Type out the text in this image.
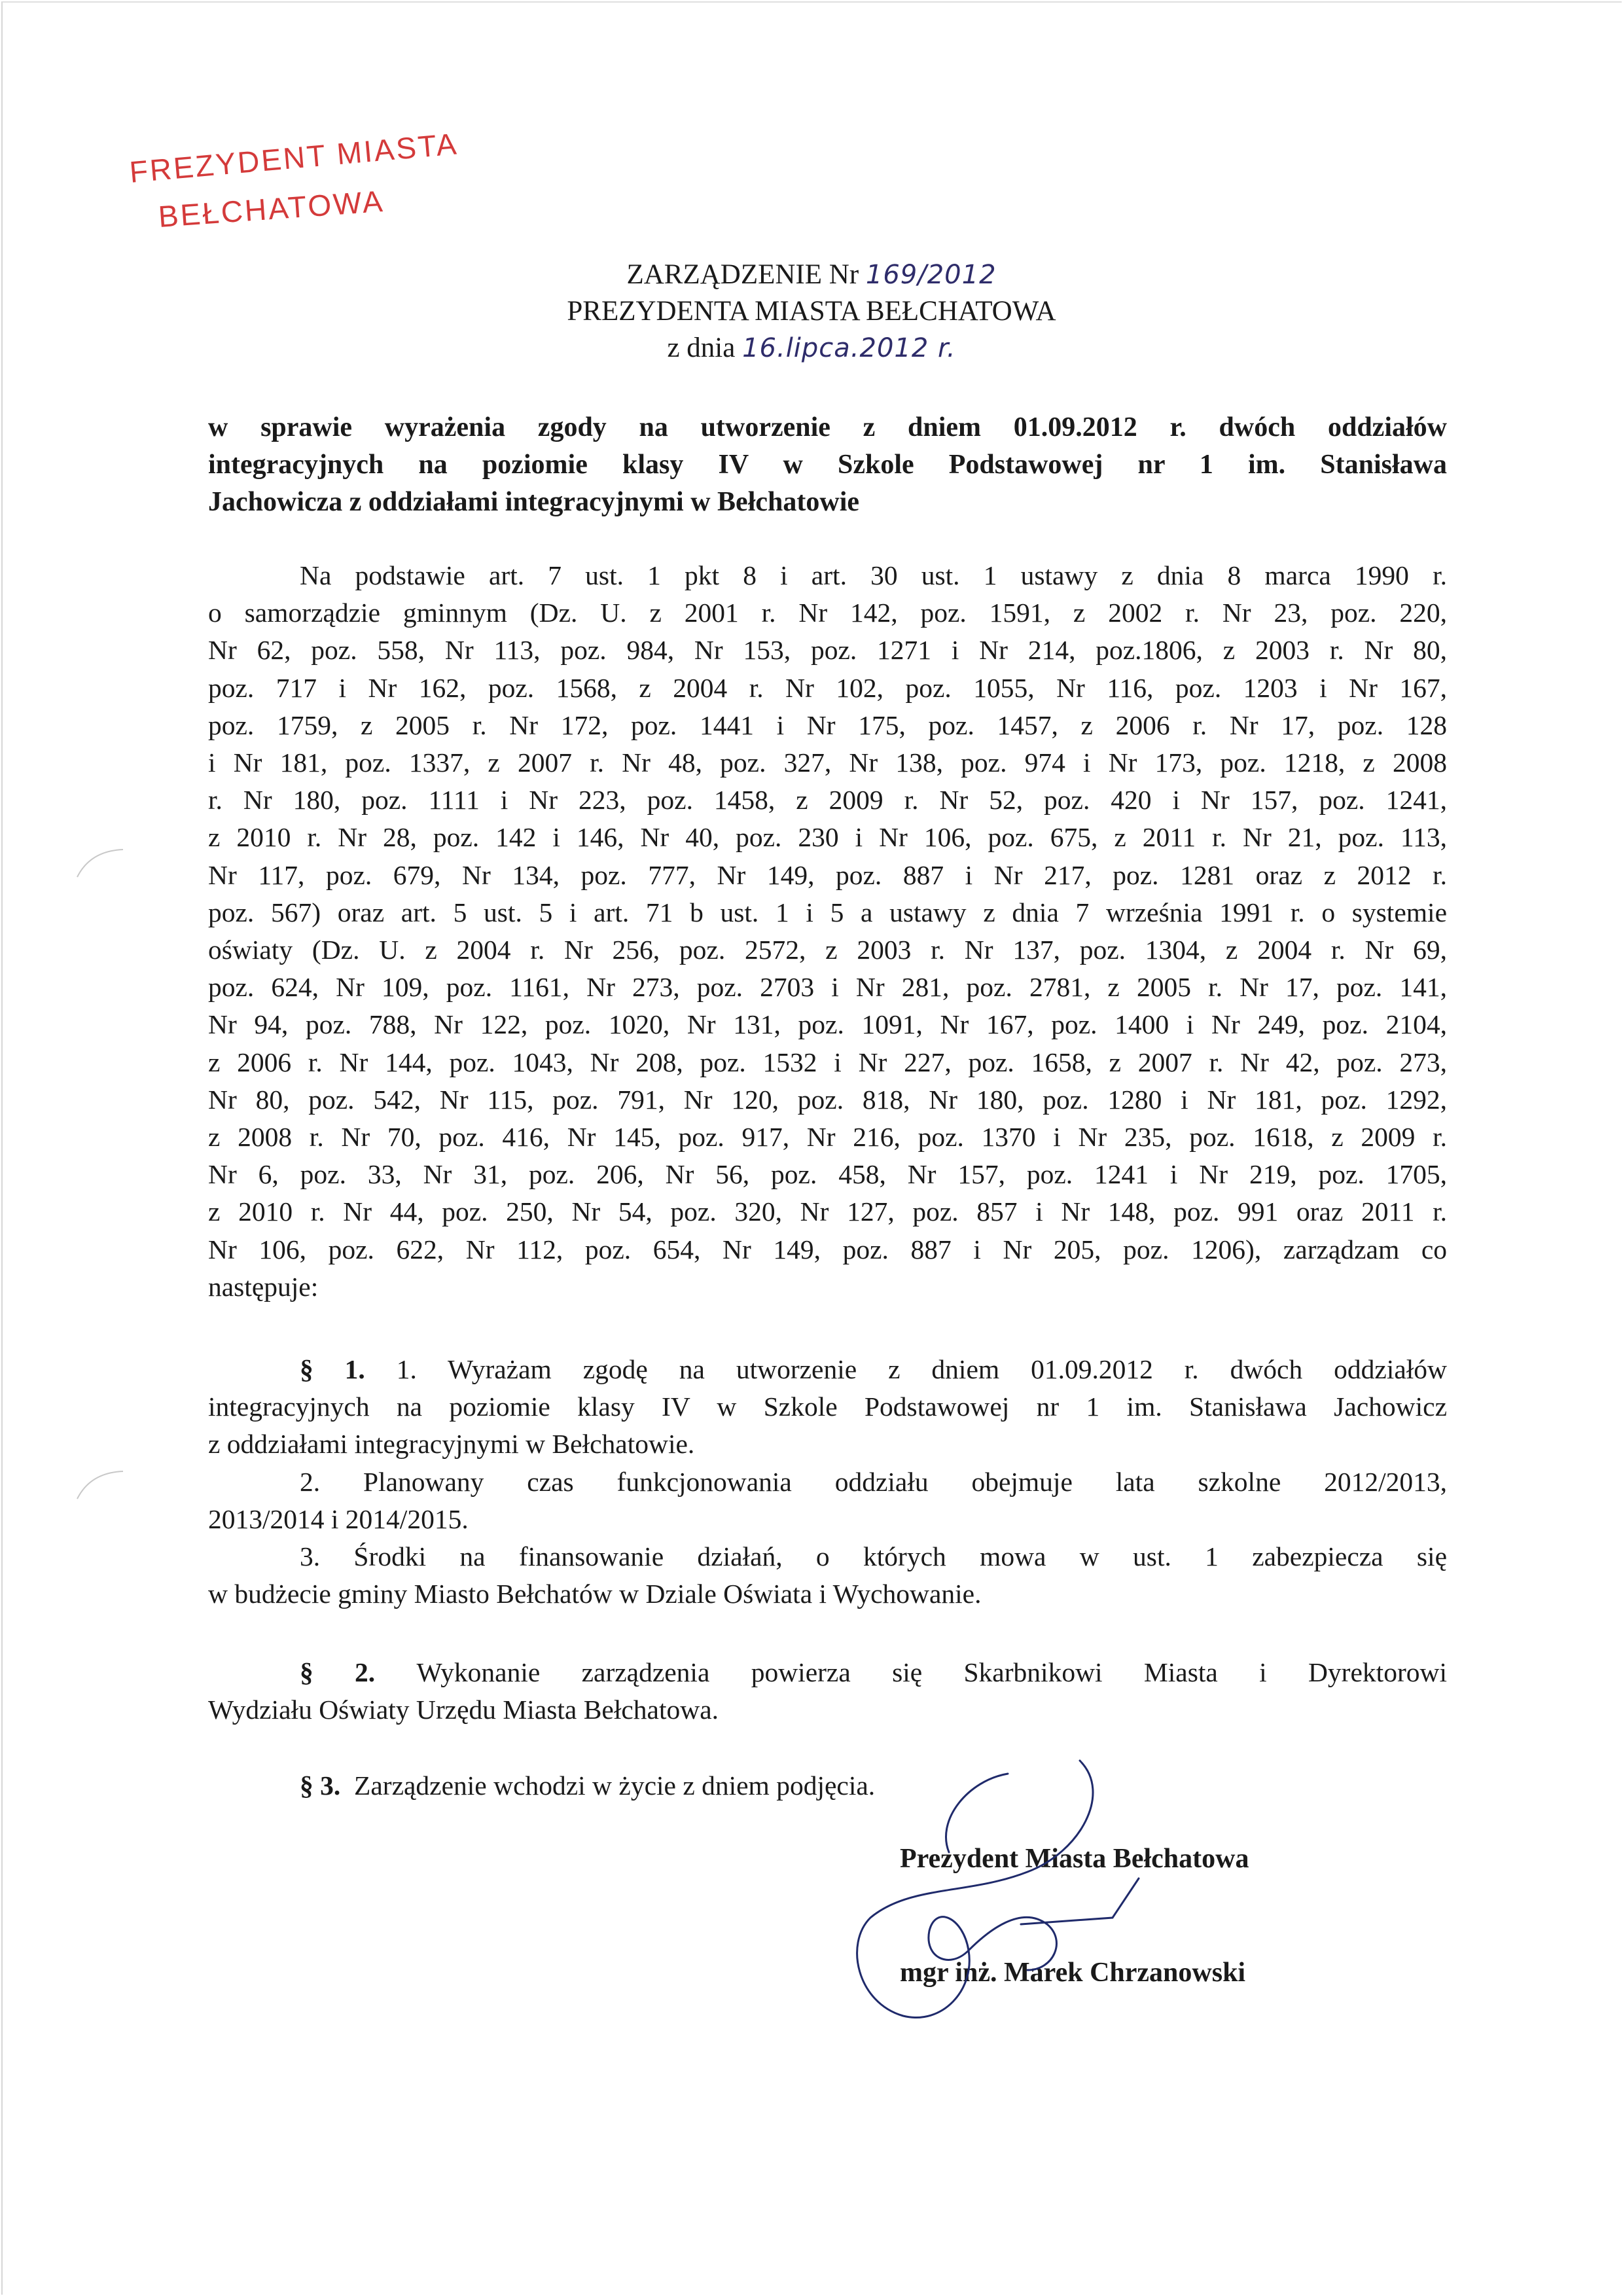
FREZYDENT MIASTA
BEŁCHATOWA
ZARZĄDZENIE Nr 169/2012
PREZYDENTA MIASTA BEŁCHATOWA
z dnia 16.lipca.2012 r.
w sprawie wyrażenia zgody na utworzenie z dniem 01.09.2012 r. dwóch oddziałów
integracyjnych na poziomie klasy IV w Szkole Podstawowej nr 1 im. Stanisława
Jachowicza z oddziałami integracyjnymi w Bełchatowie
Na podstawie art. 7 ust. 1 pkt 8 i art. 30 ust. 1 ustawy z dnia 8 marca 1990 r.
o samorządzie gminnym (Dz. U. z 2001 r. Nr 142, poz. 1591, z 2002 r. Nr 23, poz. 220,
Nr 62, poz. 558, Nr 113, poz. 984, Nr 153, poz. 1271 i Nr 214, poz.1806, z 2003 r. Nr 80,
poz. 717 i Nr 162, poz. 1568, z 2004 r. Nr 102, poz. 1055, Nr 116, poz. 1203 i Nr 167,
poz. 1759, z 2005 r. Nr 172, poz. 1441 i Nr 175, poz. 1457, z 2006 r. Nr 17, poz. 128
i Nr 181, poz. 1337, z 2007 r. Nr 48, poz. 327, Nr 138, poz. 974 i Nr 173, poz. 1218, z 2008
r. Nr 180, poz. 1111 i Nr 223, poz. 1458, z 2009 r. Nr 52, poz. 420 i Nr 157, poz. 1241,
z 2010 r. Nr 28, poz. 142 i 146, Nr 40, poz. 230 i Nr 106, poz. 675, z 2011 r. Nr 21, poz. 113,
Nr 117, poz. 679, Nr 134, poz. 777, Nr 149, poz. 887 i Nr 217, poz. 1281 oraz z 2012 r.
poz. 567) oraz art. 5 ust. 5 i art. 71 b ust. 1 i 5 a ustawy z dnia 7 września 1991 r. o systemie
oświaty (Dz. U. z 2004 r. Nr 256, poz. 2572, z 2003 r. Nr 137, poz. 1304, z 2004 r. Nr 69,
poz. 624, Nr 109, poz. 1161, Nr 273, poz. 2703 i Nr 281, poz. 2781, z 2005 r. Nr 17, poz. 141,
Nr 94, poz. 788, Nr 122, poz. 1020, Nr 131, poz. 1091, Nr 167, poz. 1400 i Nr 249, poz. 2104,
z 2006 r. Nr 144, poz. 1043, Nr 208, poz. 1532 i Nr 227, poz. 1658, z 2007 r. Nr 42, poz. 273,
Nr 80, poz. 542, Nr 115, poz. 791, Nr 120, poz. 818, Nr 180, poz. 1280 i Nr 181, poz. 1292,
z 2008 r. Nr 70, poz. 416, Nr 145, poz. 917, Nr 216, poz. 1370 i Nr 235, poz. 1618, z 2009 r.
Nr 6, poz. 33, Nr 31, poz. 206, Nr 56, poz. 458, Nr 157, poz. 1241 i Nr 219, poz. 1705,
z 2010 r. Nr 44, poz. 250, Nr 54, poz. 320, Nr 127, poz. 857 i Nr 148, poz. 991 oraz 2011 r.
Nr 106, poz. 622, Nr 112, poz. 654, Nr 149, poz. 887 i Nr 205, poz. 1206), zarządzam co
następuje:
§ 1. 1. Wyrażam zgodę na utworzenie z dniem 01.09.2012 r. dwóch oddziałów
integracyjnych na poziomie klasy IV w Szkole Podstawowej nr 1 im. Stanisława Jachowicz
z oddziałami integracyjnymi w Bełchatowie.
2. Planowany czas funkcjonowania oddziału obejmuje lata szkolne 2012/2013,
2013/2014 i 2014/2015.
3. Środki na finansowanie działań, o których mowa w ust. 1 zabezpiecza się
w budżecie gminy Miasto Bełchatów w Dziale Oświata i Wychowanie.
§ 2. Wykonanie zarządzenia powierza się Skarbnikowi Miasta i Dyrektorowi
Wydziału Oświaty Urzędu Miasta Bełchatowa.
§ 3. Zarządzenie wchodzi w życie z dniem podjęcia.
Prezydent Miasta Bełchatowa
mgr inż. Marek Chrzanowski
